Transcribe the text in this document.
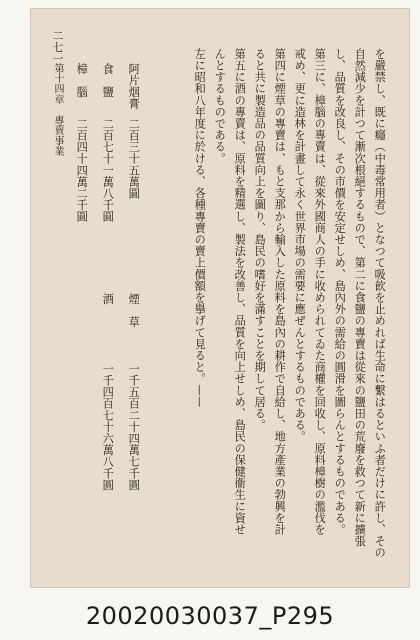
二七一
を嚴禁し、既に癮（中毒常用者）となつて吸飮を止めれば生命に繫はるといふ者だけに許し、その
自然減少を計つて漸次根絕するもので、第二に食鹽の專賣は從來の鹽田の荒廢を救つて新に擴張
し、品質を改良し、その市價を安定せしめ、島內外の需給の圓滑を圖らんとするものである。
第三に、樟腦の專賣は、從來外國商人の手に收められてゐた商權を回收し、原料樟樹の濫伐を
戒め、更に造林を計畫して永く世界市場の需要に應ぜんとするものである。
第四に煙草の專賣は、もと支那から輸入した原料を島內の耕作で自給し、地方產業の勃興を計
ると共に製造品の品質向上を圖り、島民の嗜好を滿すことを期して居る。
第五に酒の專賣は、原料を精選し、製法を改善し、品質を向上せしめ、島民の保健衞生に資せ
んとするものである。
左に昭和八年度に於ける、各種專賣の賣上價額を擧げて見ると。——
阿片烟膏
二百三十五萬圓
食　鹽
二百七十一萬八千圓
樟　腦
二百四十四萬二千圓
煙　草
一千五百二十四萬七千圓
酒
一千四百七十六萬八千圓
第十四章　專賣事業
20020030037_P295
